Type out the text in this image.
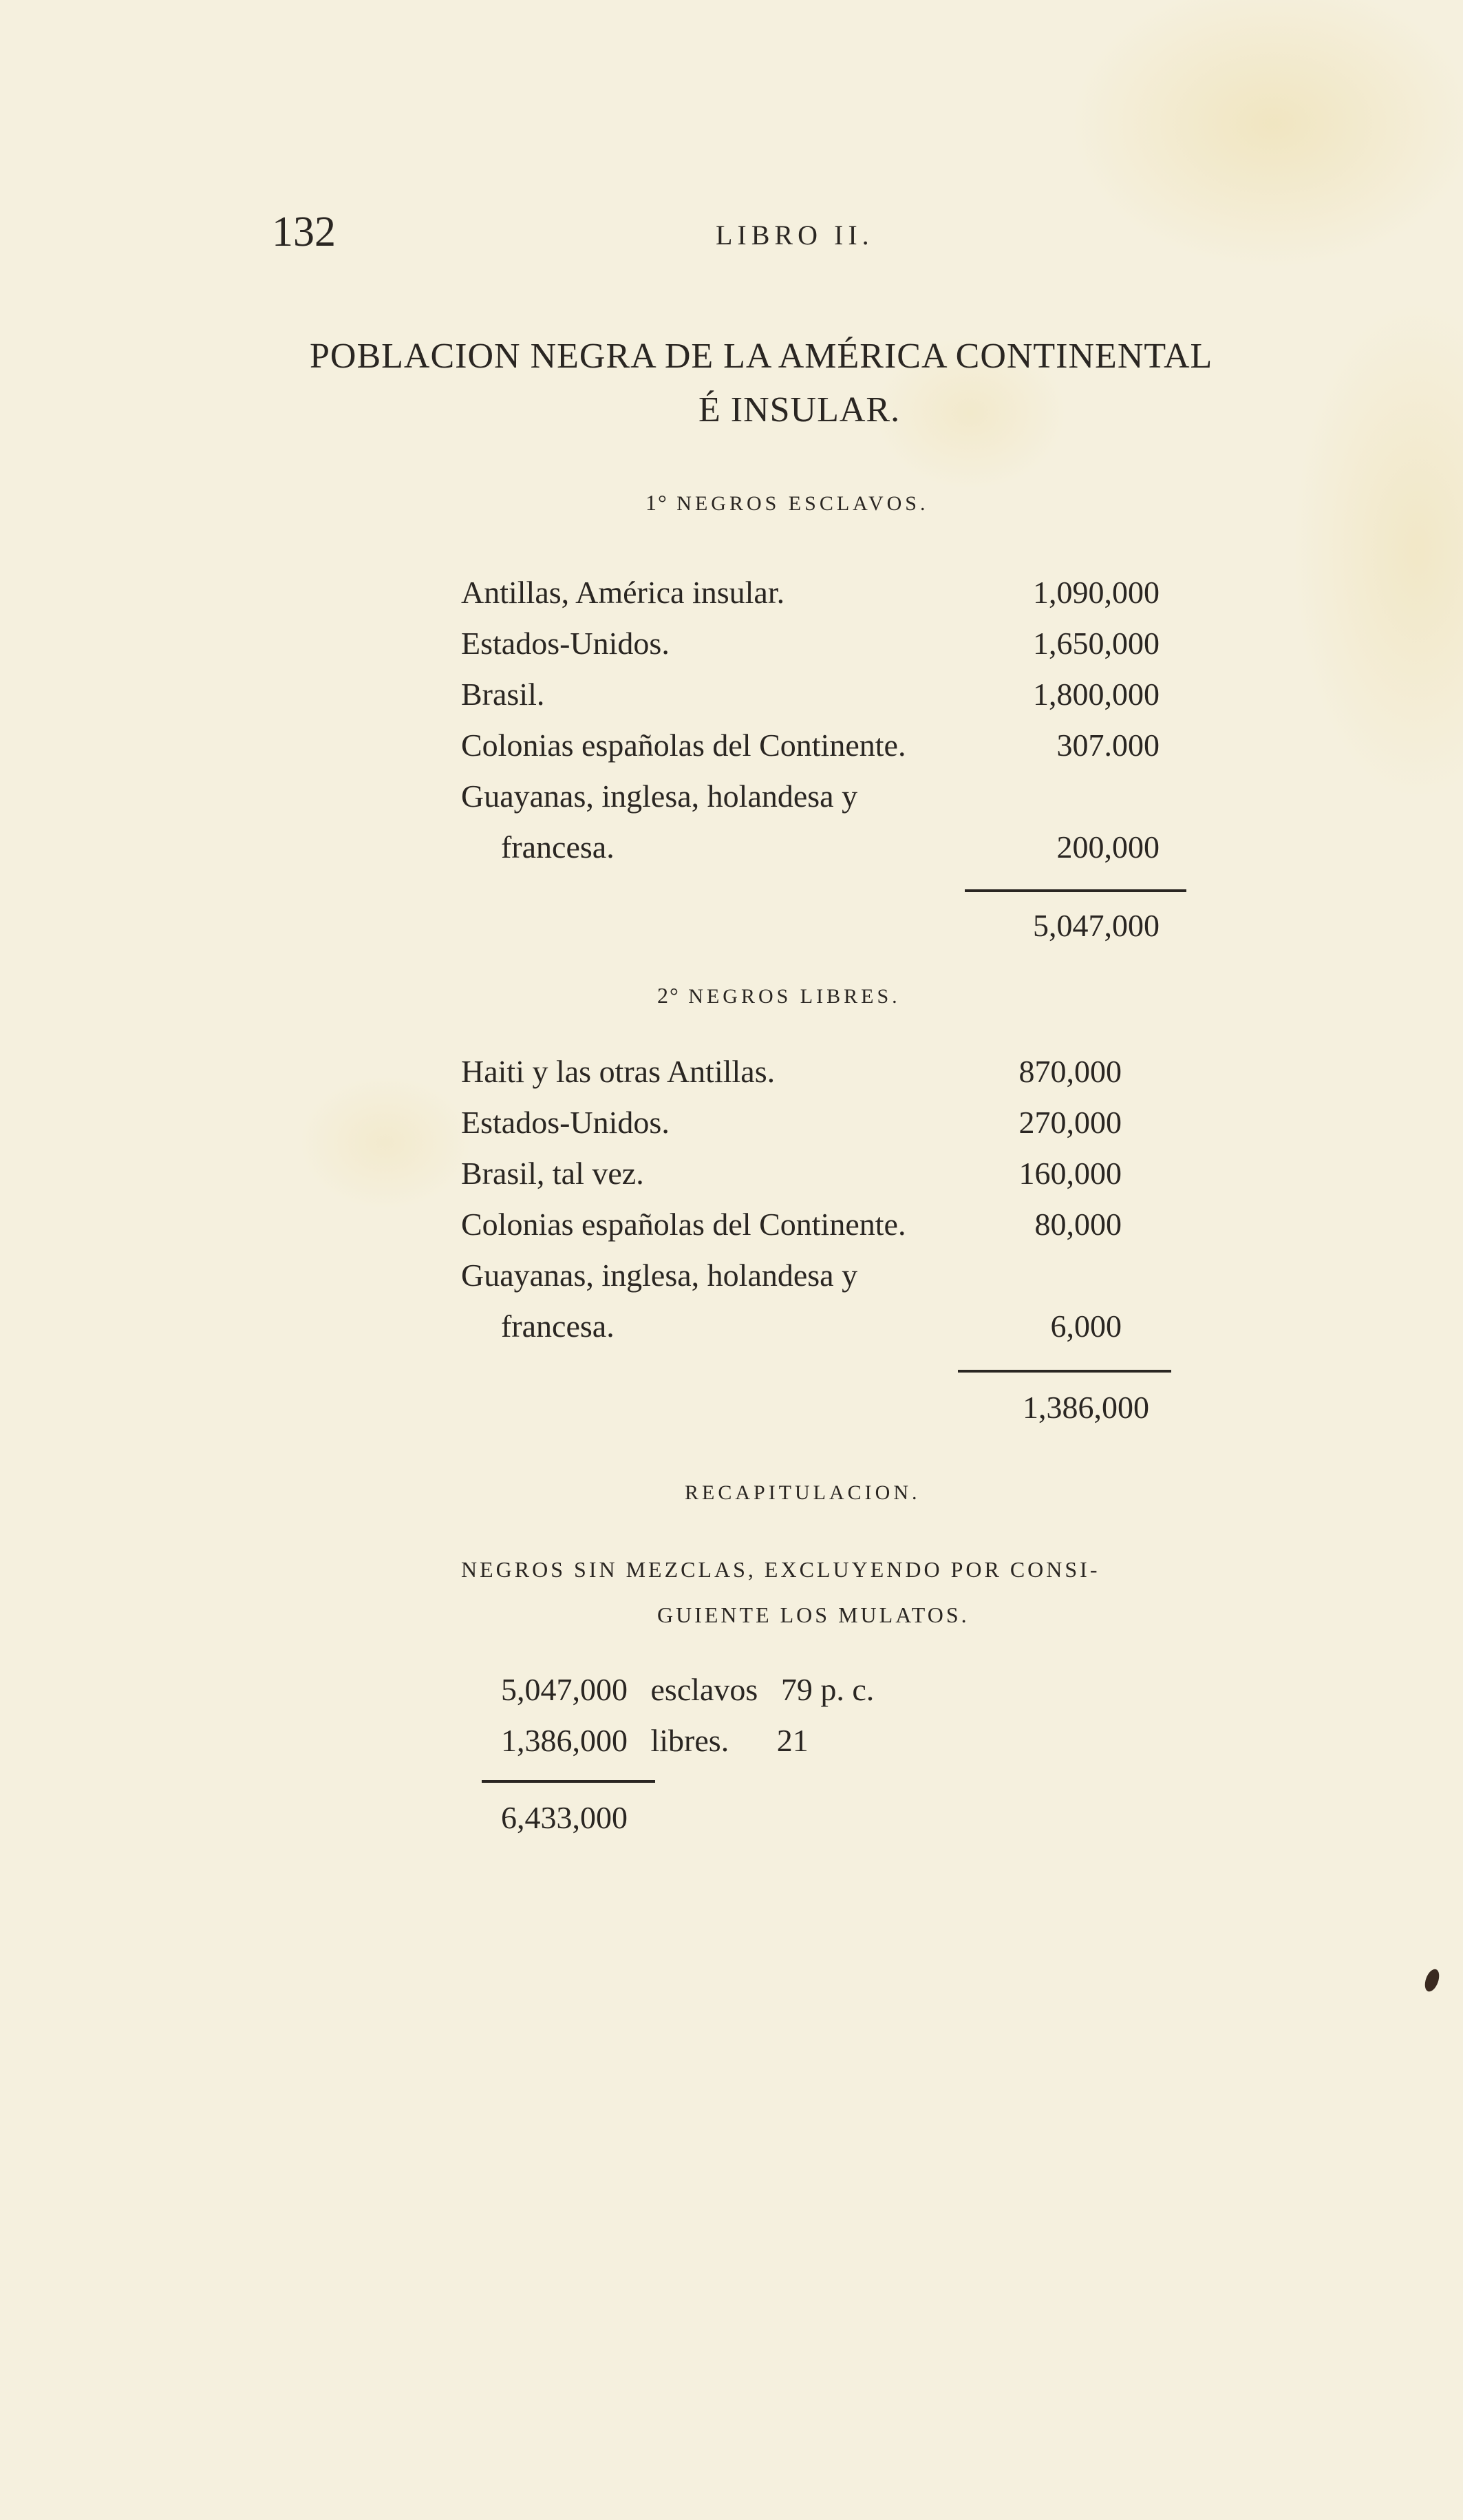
132	LIBRO II.
POBLACION NEGRA DE LA AMÉRICA CONTINENTAL
É INSULAR.
1° NEGROS ESCLAVOS.
Antillas, América insular.	1,090,000
Estados-Unidos.	1,650,000
Brasil.	1,800,000
Colonias españolas del Continente.	307.000
Guayanas, inglesa, holandesa y
francesa.	200,000
5,047,000
2° NEGROS LIBRES.
Haiti y las otras Antillas.	870,000
Estados-Unidos.	270,000
Brasil, tal vez.	160,000
Colonias españolas del Continente.	80,000
Guayanas, inglesa, holandesa y
francesa.	6,000
1,386,000
RECAPITULACION.
NEGROS SIN MEZCLAS, EXCLUYENDO POR CONSI-
GUIENTE LOS MULATOS.
5,047,000 esclavos 79 p. c.
1,386,000 libres. 21
6,433,000
